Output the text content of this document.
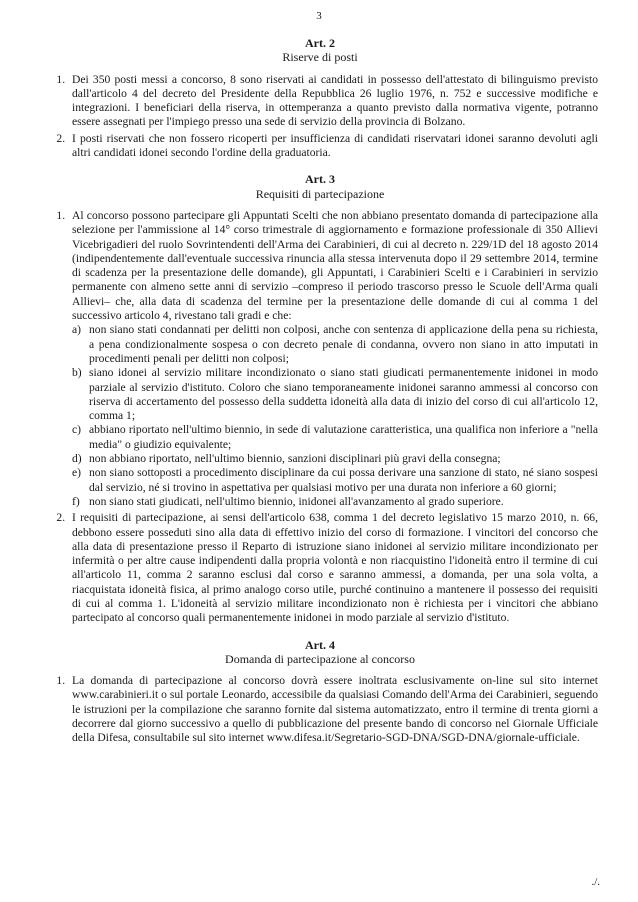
3

Art. 2

Riserve di posti

1. Dei 350 posti messi a concorso, 8 sono riservati ai candidati in possesso dell'attestato di bilinguismo previsto dall'articolo 4 del decreto del Presidente della Repubblica 26 luglio 1976, n. 752 e successive modifiche e integrazioni. I beneficiari della riserva, in ottemperanza a quanto previsto dalla normativa vigente, potranno essere assegnati per l'impiego presso una sede di servizio della provincia di Bolzano.
2. I posti riservati che non fossero ricoperti per insufficienza di candidati riservatari idonei saranno devoluti agli altri candidati idonei secondo l'ordine della graduatoria.

Art. 3

Requisiti di partecipazione

1. Al concorso possono partecipare gli Appuntati Scelti che non abbiano presentato domanda di partecipazione alla selezione per l'ammissione al 14° corso trimestrale di aggiornamento e formazione professionale di 350 Allievi Vicebrigadieri del ruolo Sovrintendenti dell'Arma dei Carabinieri, di cui al decreto n. 229/1D del 18 agosto 2014 (indipendentemente dall'eventuale successiva rinuncia alla stessa intervenuta dopo il 29 settembre 2014, termine di scadenza per la presentazione delle domande), gli Appuntati, i Carabinieri Scelti e i Carabinieri in servizio permanente con almeno sette anni di servizio –compreso il periodo trascorso presso le Scuole dell'Arma quali Allievi– che, alla data di scadenza del termine per la presentazione delle domande di cui al comma 1 del successivo articolo 4, rivestano tali gradi e che:
a) non siano stati condannati per delitti non colposi, anche con sentenza di applicazione della pena su richiesta, a pena condizionalmente sospesa o con decreto penale di condanna, ovvero non siano in atto imputati in procedimenti penali per delitti non colposi;
b) siano idonei al servizio militare incondizionato o siano stati giudicati permanentemente inidonei in modo parziale al servizio d'istituto. Coloro che siano temporaneamente inidonei saranno ammessi al concorso con riserva di accertamento del possesso della suddetta idoneità alla data di inizio del corso di cui all'articolo 12, comma 1;
c) abbiano riportato nell'ultimo biennio, in sede di valutazione caratteristica, una qualifica non inferiore a "nella media" o giudizio equivalente;
d) non abbiano riportato, nell'ultimo biennio, sanzioni disciplinari più gravi della consegna;
e) non siano sottoposti a procedimento disciplinare da cui possa derivare una sanzione di stato, né siano sospesi dal servizio, né si trovino in aspettativa per qualsiasi motivo per una durata non inferiore a 60 giorni;
f) non siano stati giudicati, nell'ultimo biennio, inidonei all'avanzamento al grado superiore.
2. I requisiti di partecipazione, ai sensi dell'articolo 638, comma 1 del decreto legislativo 15 marzo 2010, n. 66, debbono essere posseduti sino alla data di effettivo inizio del corso di formazione. I vincitori del concorso che alla data di presentazione presso il Reparto di istruzione siano inidonei al servizio militare incondizionato per infermità o per altre cause indipendenti dalla propria volontà e non riacquistino l'idoneità entro il termine di cui all'articolo 11, comma 2 saranno esclusi dal corso e saranno ammessi, a domanda, per una sola volta, a riacquistata idoneità fisica, al primo analogo corso utile, purché continuino a mantenere il possesso dei requisiti di cui al comma 1. L'idoneità al servizio militare incondizionato non è richiesta per i vincitori che abbiano partecipato al concorso quali permanentemente inidonei in modo parziale al servizio d'istituto.

Art. 4

Domanda di partecipazione al concorso

1. La domanda di partecipazione al concorso dovrà essere inoltrata esclusivamente on-line sul sito internet www.carabinieri.it o sul portale Leonardo, accessibile da qualsiasi Comando dell'Arma dei Carabinieri, seguendo le istruzioni per la compilazione che saranno fornite dal sistema automatizzato, entro il termine di trenta giorni a decorrere dal giorno successivo a quello di pubblicazione del presente bando di concorso nel Giornale Ufficiale della Difesa, consultabile sul sito internet www.difesa.it/Segretario-SGD-DNA/SGD-DNA/giornale-ufficiale.
./.
